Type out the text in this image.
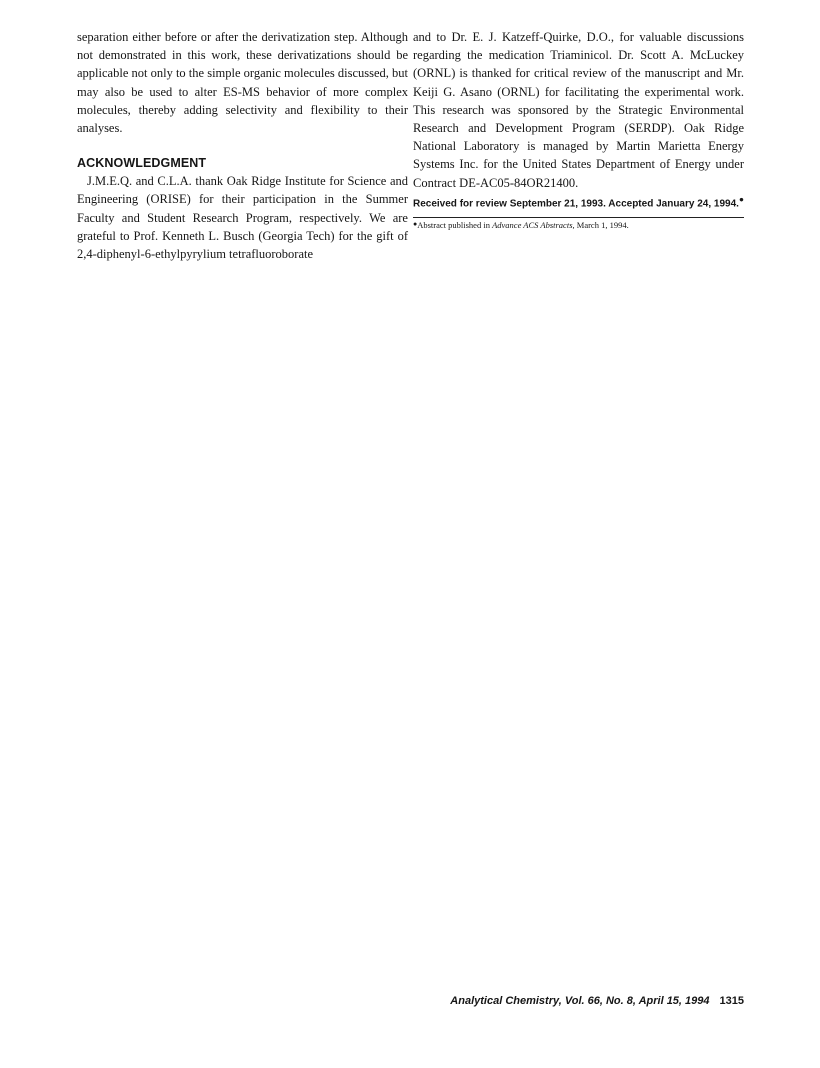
separation either before or after the derivatization step. Although not demonstrated in this work, these derivatizations should be applicable not only to the simple organic molecules discussed, but may also be used to alter ES-MS behavior of more complex molecules, thereby adding selectivity and flexibility to their analyses.

ACKNOWLEDGMENT

J.M.E.Q. and C.L.A. thank Oak Ridge Institute for Science and Engineering (ORISE) for their participation in the Summer Faculty and Student Research Program, respectively. We are grateful to Prof. Kenneth L. Busch (Georgia Tech) for the gift of 2,4-diphenyl-6-ethylpyrylium tetrafluoroborate

and to Dr. E. J. Katzeff-Quirke, D.O., for valuable discussions regarding the medication Triaminicol. Dr. Scott A. McLuckey (ORNL) is thanked for critical review of the manuscript and Mr. Keiji G. Asano (ORNL) for facilitating the experimental work. This research was sponsored by the Strategic Environmental Research and Development Program (SERDP). Oak Ridge National Laboratory is managed by Martin Marietta Energy Systems Inc. for the United States Department of Energy under Contract DE-AC05-84OR21400.

Received for review September 21, 1993. Accepted January 24, 1994.●

●Abstract published in Advance ACS Abstracts, March 1, 1994.

Analytical Chemistry, Vol. 66, No. 8, April 15, 1994 1315
